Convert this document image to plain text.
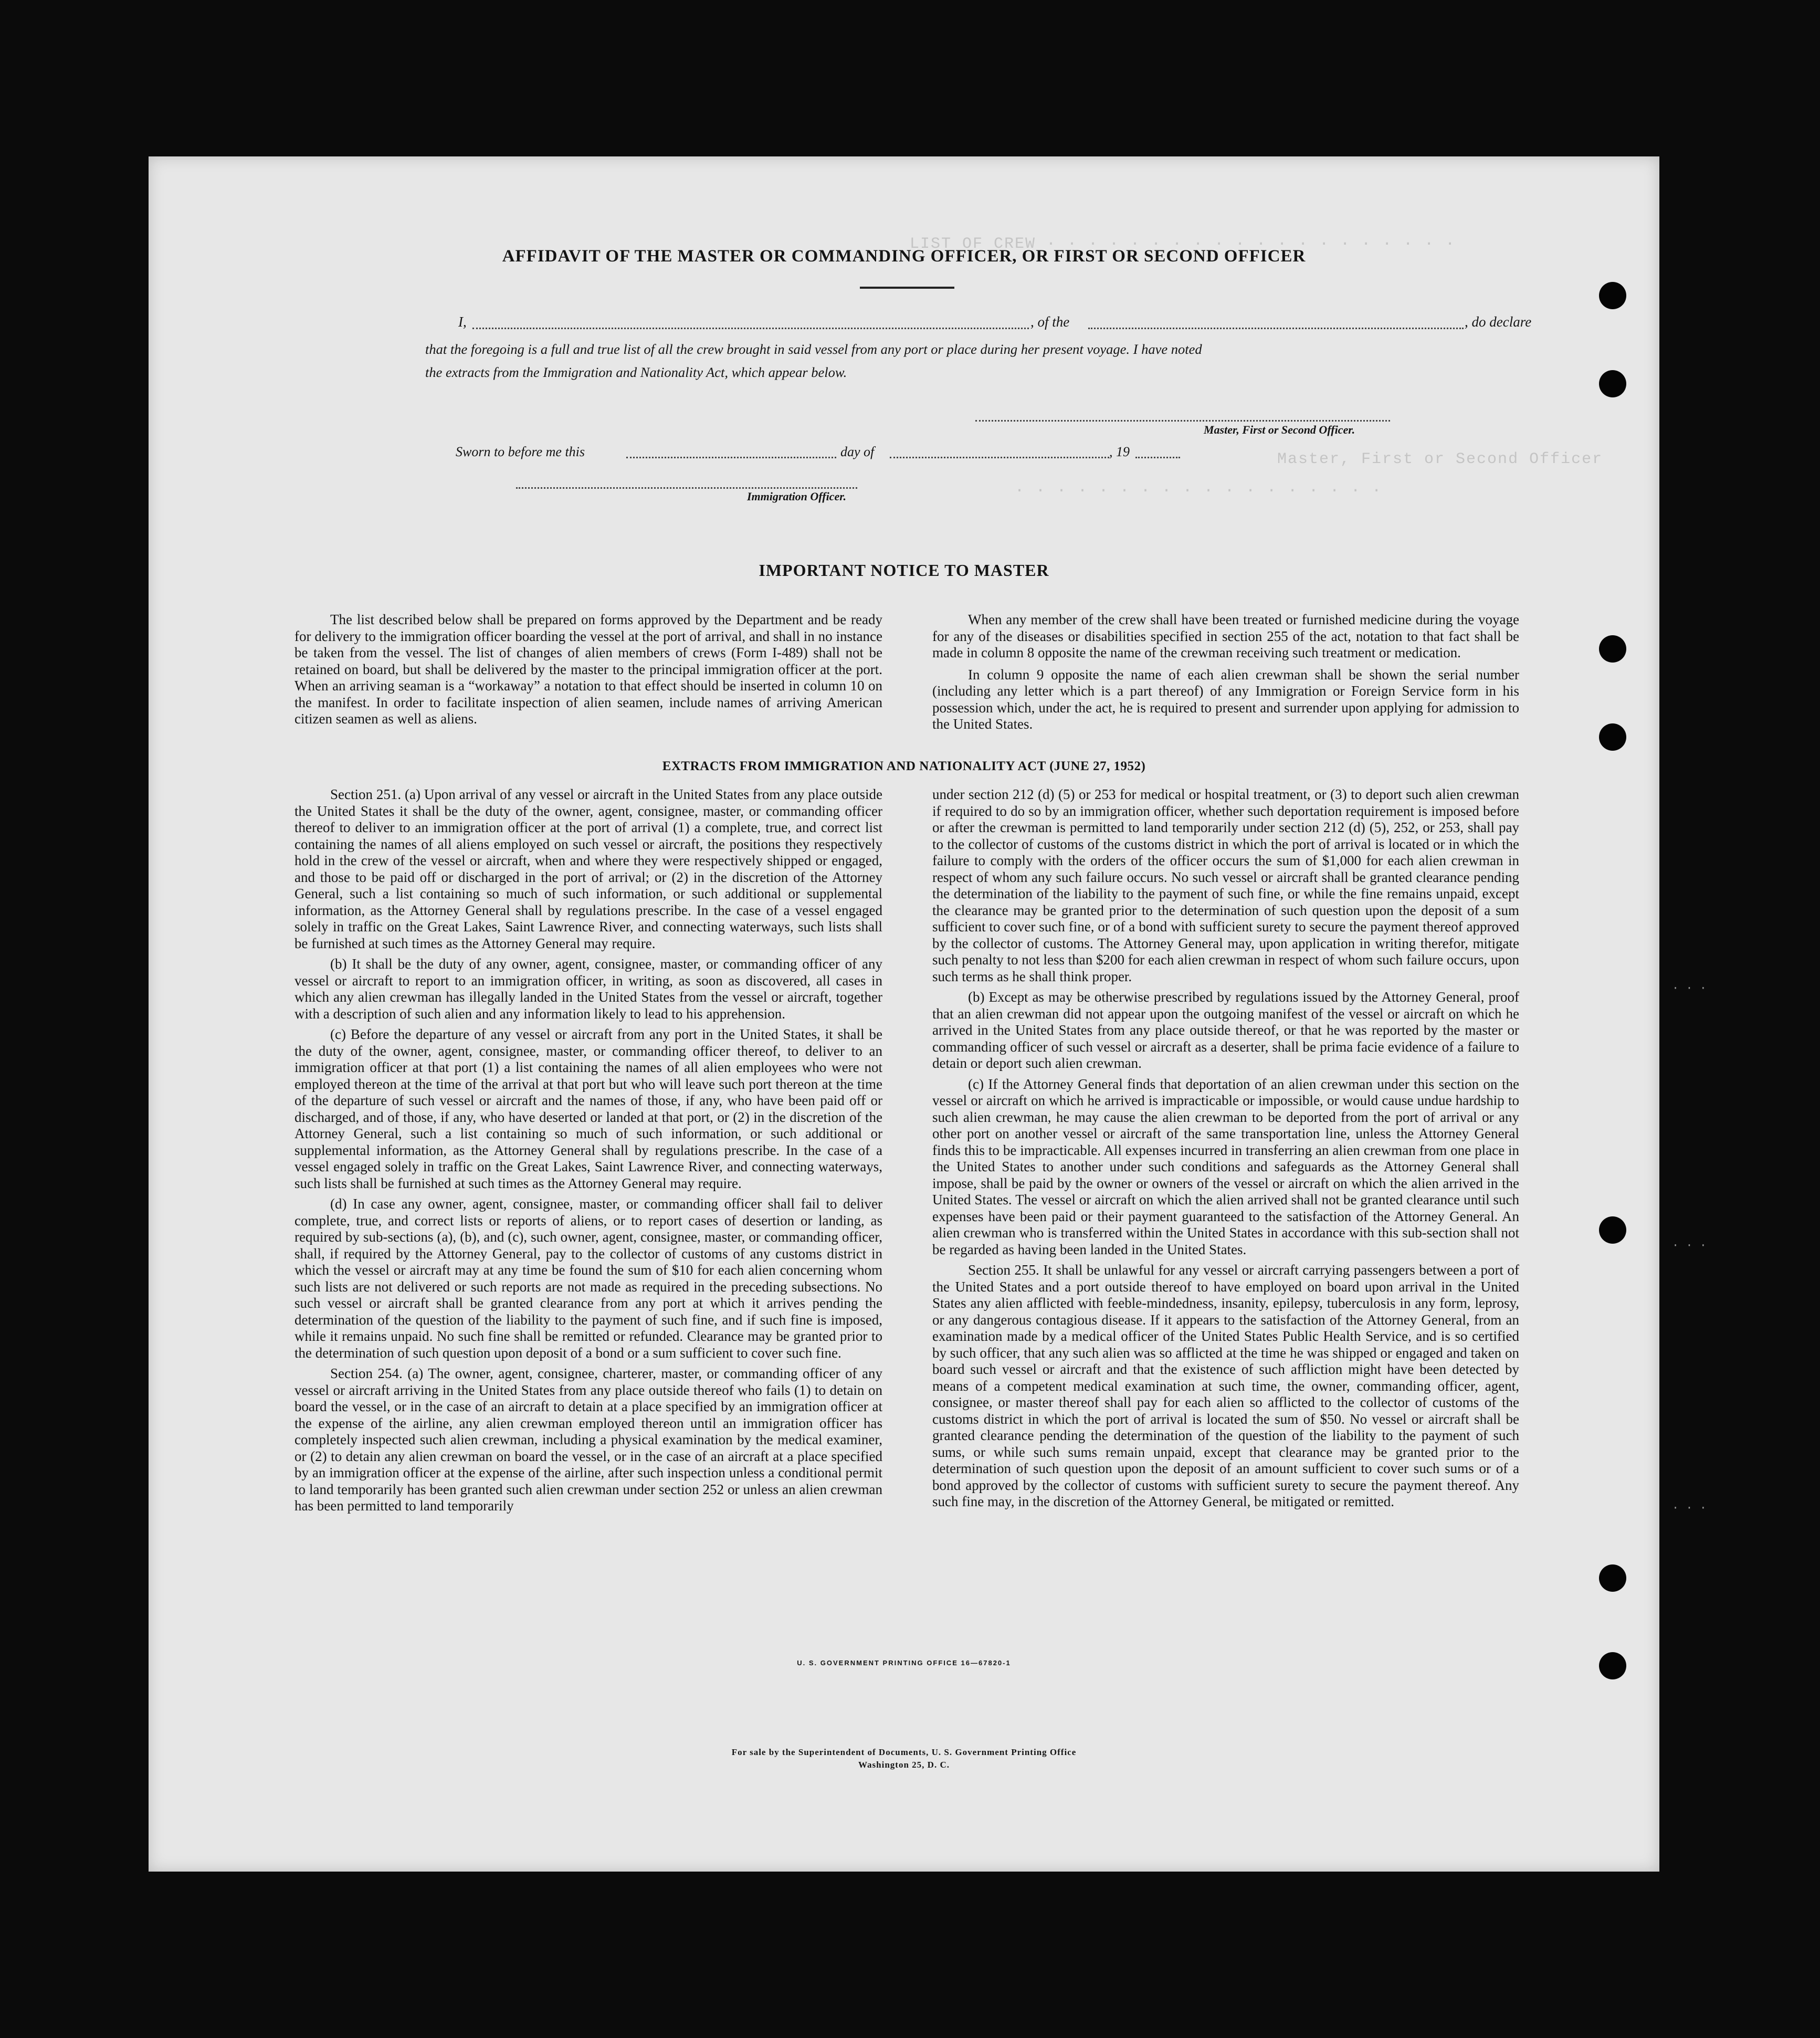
LIST OF CREW · · · · · · · · · · · · · · · · · · · ·
Master, First or Second Officer
· · · · · · · · · · · · · · · · · ·
AFFIDAVIT OF THE MASTER OR COMMANDING OFFICER, OR FIRST OR SECOND OFFICER
I,	, of the	, do declare
that the foregoing is a full and true list of all the crew brought in said vessel from any port or place during her present voyage. I have noted
the extracts from the Immigration and Nationality Act, which appear below.
Master, First or Second Officer.
Sworn to before me this	day of	, 19
Immigration Officer.
IMPORTANT NOTICE TO MASTER

The list described below shall be prepared on forms approved by the Department and be ready for delivery to the immigration officer boarding the vessel at the port of arrival, and shall in no instance be taken from the vessel. The list of changes of alien members of crews (Form I-489) shall not be retained on board, but shall be delivered by the master to the principal immigration officer at the port. When an arriving seaman is a “workaway” a notation to that effect should be inserted in column 10 on the manifest. In order to facilitate inspection of alien seamen, include names of arriving American citizen seamen as well as aliens.

When any member of the crew shall have been treated or furnished medicine during the voyage for any of the diseases or disabilities specified in section 255 of the act, notation to that fact shall be made in column 8 opposite the name of the crewman receiving such treatment or medication.

In column 9 opposite the name of each alien crewman shall be shown the serial number (including any letter which is a part thereof) of any Immigration or Foreign Service form in his possession which, under the act, he is required to present and surrender upon applying for admission to the United States.

EXTRACTS FROM IMMIGRATION AND NATIONALITY ACT (JUNE 27, 1952)

Section 251. (a) Upon arrival of any vessel or aircraft in the United States from any place outside the United States it shall be the duty of the owner, agent, consignee, master, or commanding officer thereof to deliver to an immigration officer at the port of arrival (1) a complete, true, and correct list containing the names of all aliens employed on such vessel or aircraft, the positions they respectively hold in the crew of the vessel or aircraft, when and where they were respectively shipped or engaged, and those to be paid off or discharged in the port of arrival; or (2) in the discretion of the Attorney General, such a list containing so much of such information, or such additional or supplemental information, as the Attorney General shall by regulations prescribe. In the case of a vessel engaged solely in traffic on the Great Lakes, Saint Lawrence River, and connecting waterways, such lists shall be furnished at such times as the Attorney General may require.

(b) It shall be the duty of any owner, agent, consignee, master, or commanding officer of any vessel or aircraft to report to an immigration officer, in writing, as soon as discovered, all cases in which any alien crewman has illegally landed in the United States from the vessel or aircraft, together with a description of such alien and any information likely to lead to his apprehension.

(c) Before the departure of any vessel or aircraft from any port in the United States, it shall be the duty of the owner, agent, consignee, master, or commanding officer thereof, to deliver to an immigration officer at that port (1) a list containing the names of all alien employees who were not employed thereon at the time of the arrival at that port but who will leave such port thereon at the time of the departure of such vessel or aircraft and the names of those, if any, who have been paid off or discharged, and of those, if any, who have deserted or landed at that port, or (2) in the discretion of the Attorney General, such a list containing so much of such information, or such additional or supplemental information, as the Attorney General shall by regulations prescribe. In the case of a vessel engaged solely in traffic on the Great Lakes, Saint Lawrence River, and connecting waterways, such lists shall be furnished at such times as the Attorney General may require.

(d) In case any owner, agent, consignee, master, or commanding officer shall fail to deliver complete, true, and correct lists or reports of aliens, or to report cases of desertion or landing, as required by sub-sections (a), (b), and (c), such owner, agent, consignee, master, or commanding officer, shall, if required by the Attorney General, pay to the collector of customs of any customs district in which the vessel or aircraft may at any time be found the sum of $10 for each alien concerning whom such lists are not delivered or such reports are not made as required in the preceding subsections. No such vessel or aircraft shall be granted clearance from any port at which it arrives pending the determination of the question of the liability to the payment of such fine, and if such fine is imposed, while it remains unpaid. No such fine shall be remitted or refunded. Clearance may be granted prior to the determination of such question upon deposit of a bond or a sum sufficient to cover such fine.

Section 254. (a) The owner, agent, consignee, charterer, master, or commanding officer of any vessel or aircraft arriving in the United States from any place outside thereof who fails (1) to detain on board the vessel, or in the case of an aircraft to detain at a place specified by an immigration officer at the expense of the airline, any alien crewman employed thereon until an immigration officer has completely inspected such alien crewman, including a physical examination by the medical examiner, or (2) to detain any alien crewman on board the vessel, or in the case of an aircraft at a place specified by an immigration officer at the expense of the airline, after such inspection unless a conditional permit to land temporarily has been granted such alien crewman under section 252 or unless an alien crewman has been permitted to land temporarily

under section 212 (d) (5) or 253 for medical or hospital treatment, or (3) to deport such alien crewman if required to do so by an immigration officer, whether such deportation requirement is imposed before or after the crewman is permitted to land temporarily under section 212 (d) (5), 252, or 253, shall pay to the collector of customs of the customs district in which the port of arrival is located or in which the failure to comply with the orders of the officer occurs the sum of $1,000 for each alien crewman in respect of whom any such failure occurs. No such vessel or aircraft shall be granted clearance pending the determination of the liability to the payment of such fine, or while the fine remains unpaid, except the clearance may be granted prior to the determination of such question upon the deposit of a sum sufficient to cover such fine, or of a bond with sufficient surety to secure the payment thereof approved by the collector of customs. The Attorney General may, upon application in writing therefor, mitigate such penalty to not less than $200 for each alien crewman in respect of whom such failure occurs, upon such terms as he shall think proper.

(b) Except as may be otherwise prescribed by regulations issued by the Attorney General, proof that an alien crewman did not appear upon the outgoing manifest of the vessel or aircraft on which he arrived in the United States from any place outside thereof, or that he was reported by the master or commanding officer of such vessel or aircraft as a deserter, shall be prima facie evidence of a failure to detain or deport such alien crewman.

(c) If the Attorney General finds that deportation of an alien crewman under this section on the vessel or aircraft on which he arrived is impracticable or impossible, or would cause undue hardship to such alien crewman, he may cause the alien crewman to be deported from the port of arrival or any other port on another vessel or aircraft of the same transportation line, unless the Attorney General finds this to be impracticable. All expenses incurred in transferring an alien crewman from one place in the United States to another under such conditions and safeguards as the Attorney General shall impose, shall be paid by the owner or owners of the vessel or aircraft on which the alien arrived in the United States. The vessel or aircraft on which the alien arrived shall not be granted clearance until such expenses have been paid or their payment guaranteed to the satisfaction of the Attorney General. An alien crewman who is transferred within the United States in accordance with this sub-section shall not be regarded as having been landed in the United States.

Section 255. It shall be unlawful for any vessel or aircraft carrying passengers between a port of the United States and a port outside thereof to have employed on board upon arrival in the United States any alien afflicted with feeble-mindedness, insanity, epilepsy, tuberculosis in any form, leprosy, or any dangerous contagious disease. If it appears to the satisfaction of the Attorney General, from an examination made by a medical officer of the United States Public Health Service, and is so certified by such officer, that any such alien was so afflicted at the time he was shipped or engaged and taken on board such vessel or aircraft and that the existence of such affliction might have been detected by means of a competent medical examination at such time, the owner, commanding officer, agent, consignee, or master thereof shall pay for each alien so afflicted to the collector of customs of the customs district in which the port of arrival is located the sum of $50. No vessel or aircraft shall be granted clearance pending the determination of the question of the liability to the payment of such sums, or while such sums remain unpaid, except that clearance may be granted prior to the determination of such question upon the deposit of an amount sufficient to cover such sums or of a bond approved by the collector of customs with sufficient surety to secure the payment thereof. Any such fine may, in the discretion of the Attorney General, be mitigated or remitted.

U. S. GOVERNMENT PRINTING OFFICE 16—67820-1
For sale by the Superintendent of Documents, U. S. Government Printing Office
Washington 25, D. C.
· · ·
· · ·
· · ·
